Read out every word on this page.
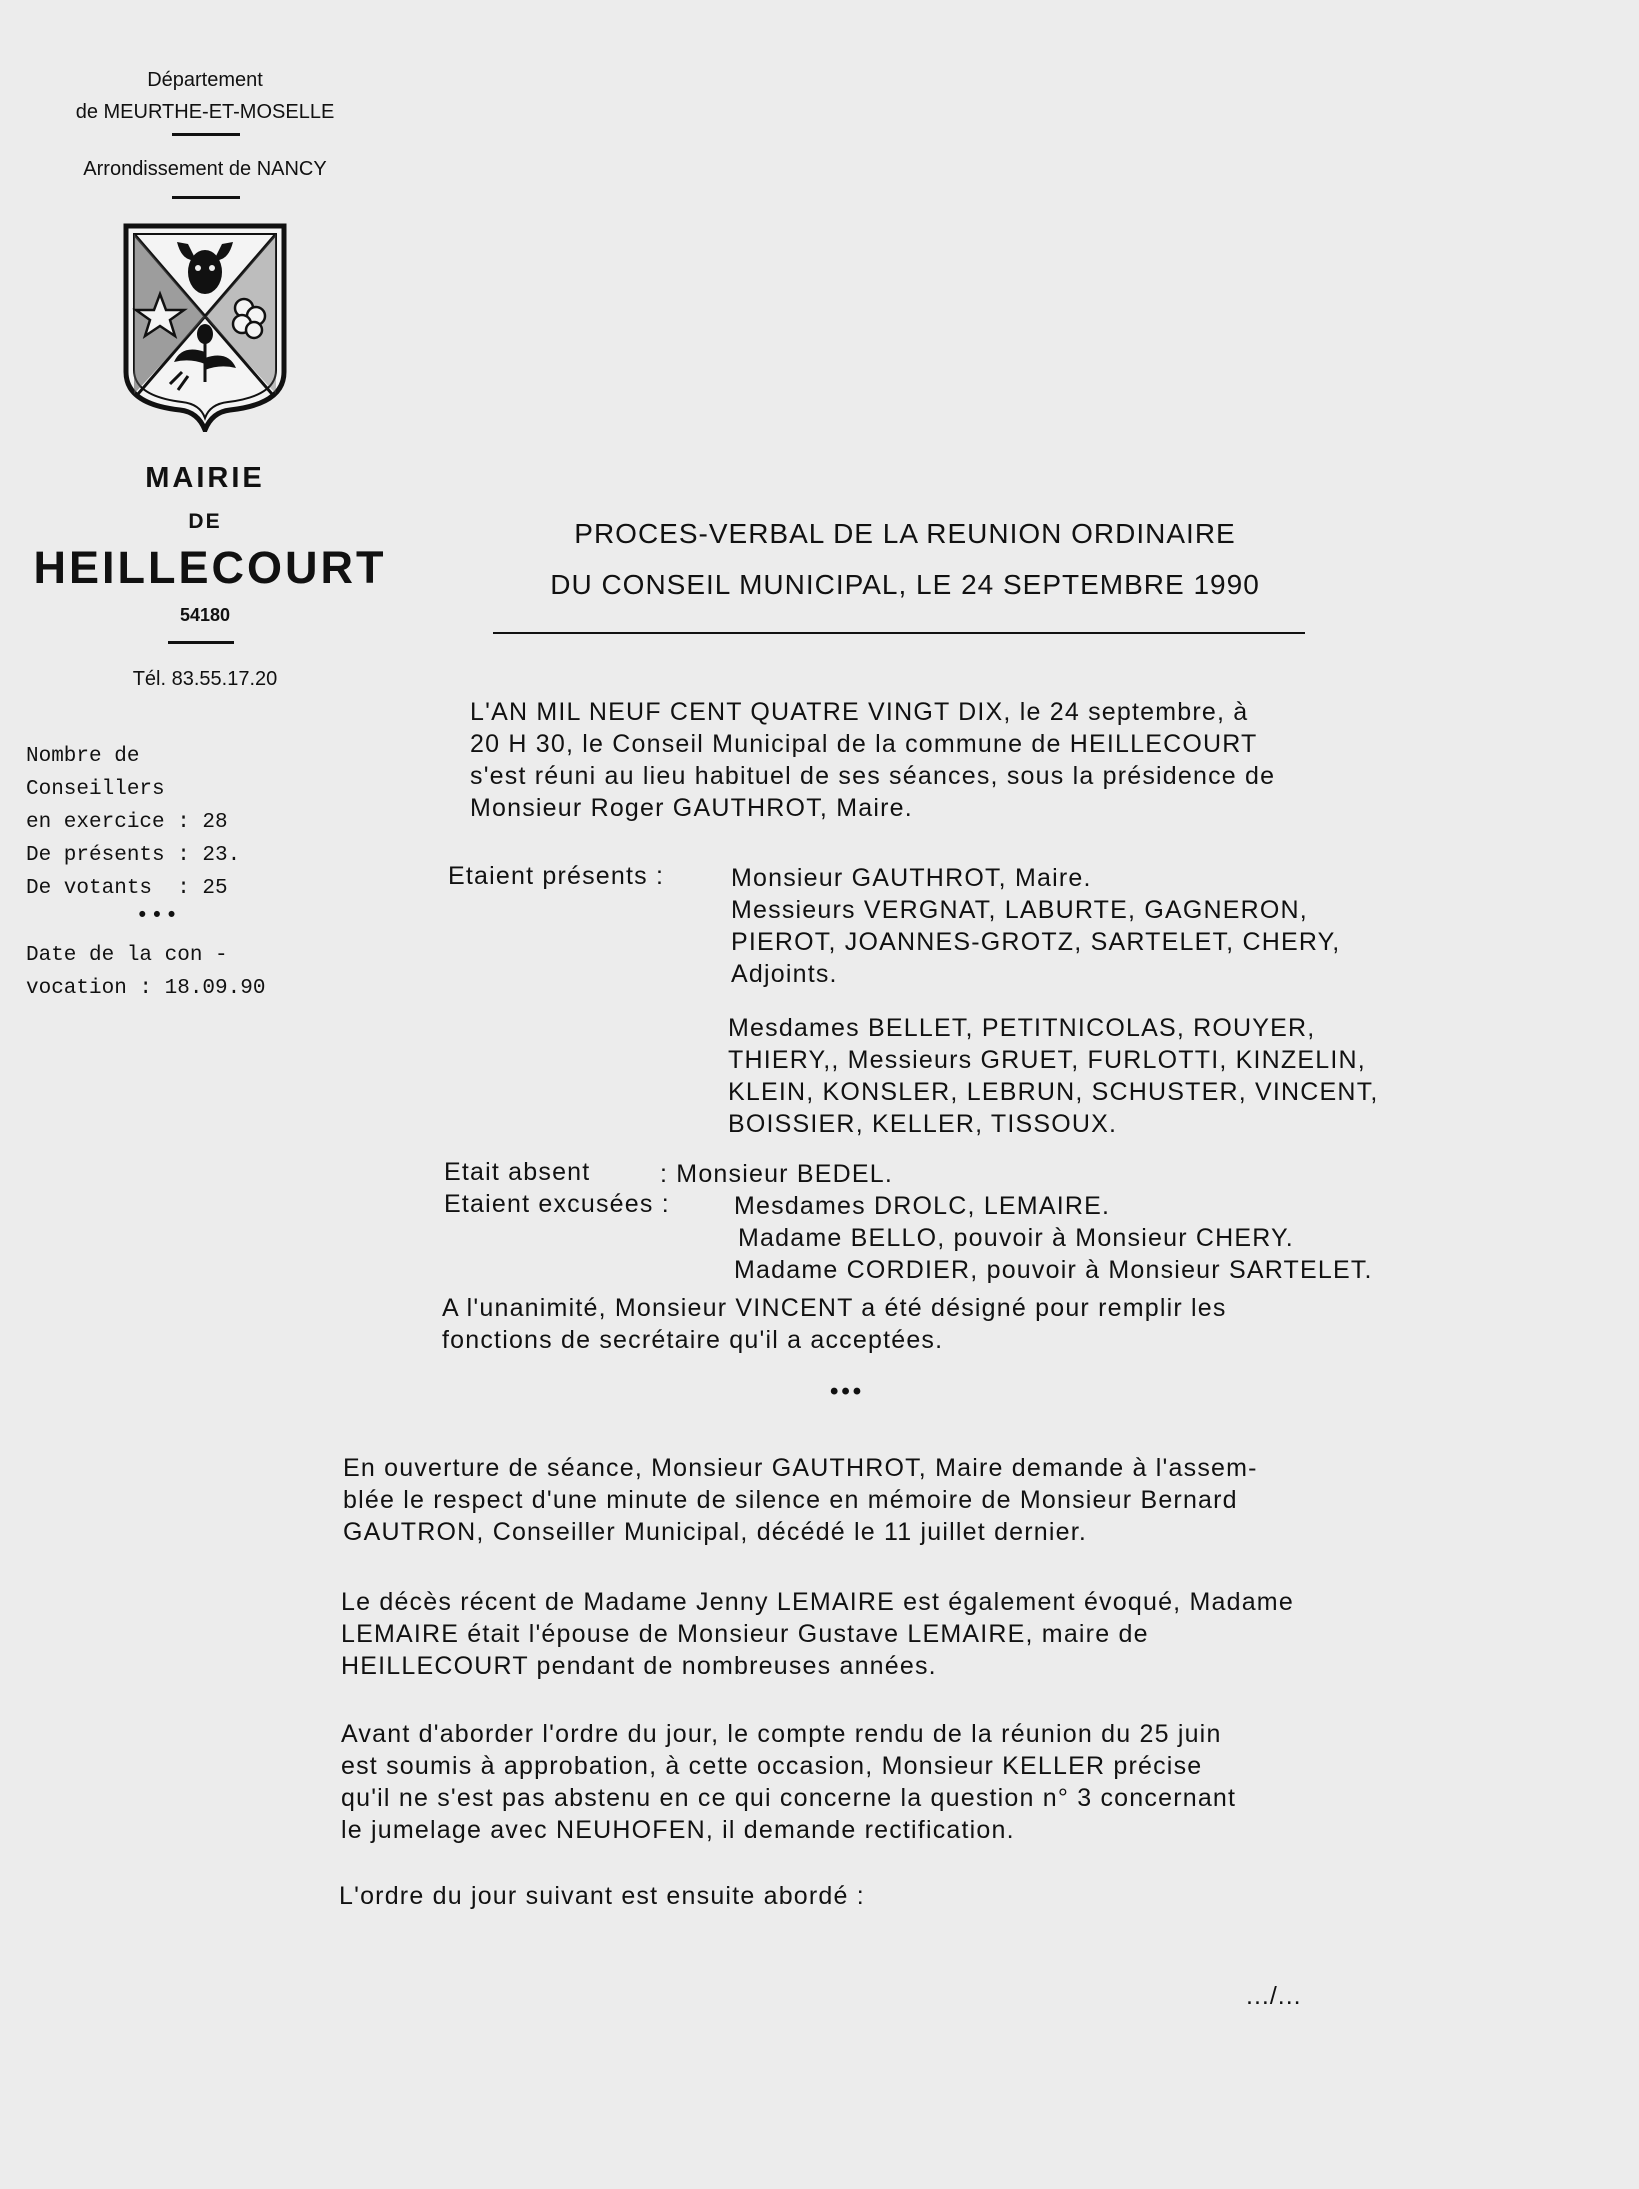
Département
de MEURTHE-ET-MOSELLE
Arrondissement de NANCY
MAIRIE
DE
HEILLECOURT
54180
Tél. 83.55.17.20
Nombre de
Conseillers
en exercice : 28
De présents : 23.
De votants  : 25
•••
Date de la con -
vocation : 18.09.90
PROCES-VERBAL DE LA REUNION ORDINAIRE
DU CONSEIL MUNICIPAL, LE 24 SEPTEMBRE 1990
L'AN MIL NEUF CENT QUATRE VINGT DIX, le 24 septembre, à
20 H 30, le Conseil Municipal de la commune de HEILLECOURT
s'est réuni au lieu habituel de ses séances, sous la présidence de
Monsieur Roger GAUTHROT, Maire.
Etaient présents :	Monsieur GAUTHROT, Maire.
Messieurs VERGNAT, LABURTE, GAGNERON,
PIEROT, JOANNES-GROTZ, SARTELET, CHERY,
Adjoints.
Mesdames BELLET, PETITNICOLAS, ROUYER,
THIERY,, Messieurs GRUET, FURLOTTI, KINZELIN,
KLEIN, KONSLER, LEBRUN, SCHUSTER, VINCENT,
BOISSIER, KELLER, TISSOUX.
Etait absent	: Monsieur BEDEL.
Etaient excusées :	Mesdames DROLC, LEMAIRE.
Madame BELLO, pouvoir à Monsieur CHERY.
Madame CORDIER, pouvoir à Monsieur SARTELET.
A l'unanimité, Monsieur VINCENT a été désigné pour remplir les
fonctions de secrétaire qu'il a acceptées.
•••
En ouverture de séance, Monsieur GAUTHROT, Maire demande à l'assem-
blée le respect d'une minute de silence en mémoire de Monsieur Bernard
GAUTRON, Conseiller Municipal, décédé le 11 juillet dernier.
Le décès récent de Madame Jenny LEMAIRE est également évoqué, Madame
LEMAIRE était l'épouse de Monsieur Gustave LEMAIRE, maire de
HEILLECOURT pendant de nombreuses années.
Avant d'aborder l'ordre du jour, le compte rendu de la réunion du 25 juin
est soumis à approbation, à cette occasion, Monsieur KELLER précise
qu'il ne s'est pas abstenu en ce qui concerne la question n° 3 concernant
le jumelage avec NEUHOFEN, il demande rectification.
L'ordre du jour suivant est ensuite abordé :
.../...
